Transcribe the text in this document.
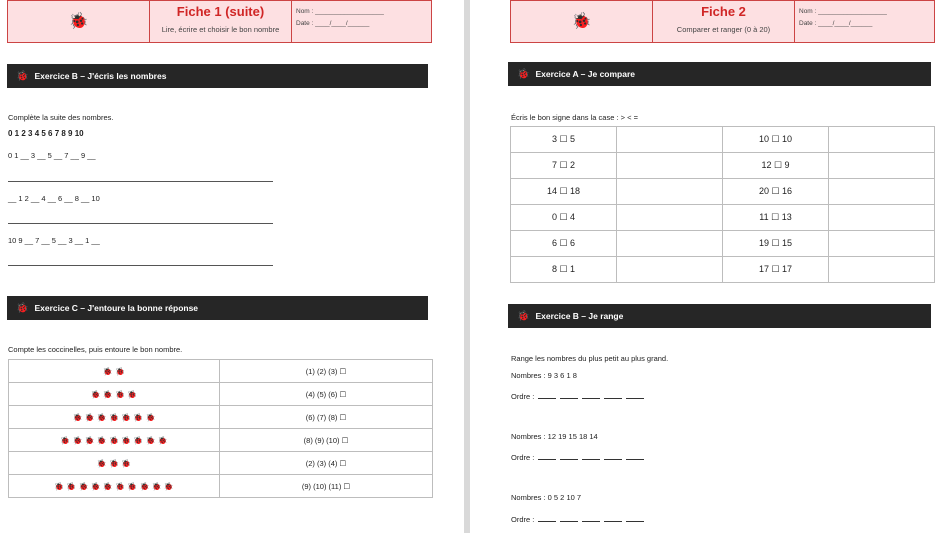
🐞
Fiche 1 (suite)
Lire, écrire et choisir le bon nombre
Nom : ___________________
Date : ____/____/______
🐞 Exercice B – J'écris les nombres
Complète la suite des nombres.
0 1 2 3 4 5 6 7 8 9 10
0 1 __ 3 __ 5 __ 7 __ 9 __
__ 1 2 __ 4 __ 6 __ 8 __ 10
10 9 __ 7 __ 5 __ 3 __ 1 __
🐞 Exercice C – J'entoure la bonne réponse
Compte les coccinelles, puis entoure le bon nombre.
🐞 🐞	(1) (2) (3) ☐
🐞 🐞 🐞 🐞	(4) (5) (6) ☐
🐞 🐞 🐞 🐞 🐞 🐞 🐞	(6) (7) (8) ☐
🐞 🐞 🐞 🐞 🐞 🐞 🐞 🐞 🐞	(8) (9) (10) ☐
🐞 🐞 🐞	(2) (3) (4) ☐
🐞 🐞 🐞 🐞 🐞 🐞 🐞 🐞 🐞 🐞	(9) (10) (11) ☐
🐞
Fiche 2
Comparer et ranger (0 à 20)
Nom : ___________________
Date : ____/____/______
🐞 Exercice A – Je compare
Écris le bon signe dans la case : > < =
3 ☐ 5		10 ☐ 10	
7 ☐ 2		12 ☐ 9	
14 ☐ 18		20 ☐ 16	
0 ☐ 4		11 ☐ 13	
6 ☐ 6		19 ☐ 15	
8 ☐ 1		17 ☐ 17	
🐞 Exercice B – Je range
Range les nombres du plus petit au plus grand.
Nombres : 9 3 6 1 8
Ordre :
Nombres : 12 19 15 18 14
Ordre :
Nombres : 0 5 2 10 7
Ordre :
